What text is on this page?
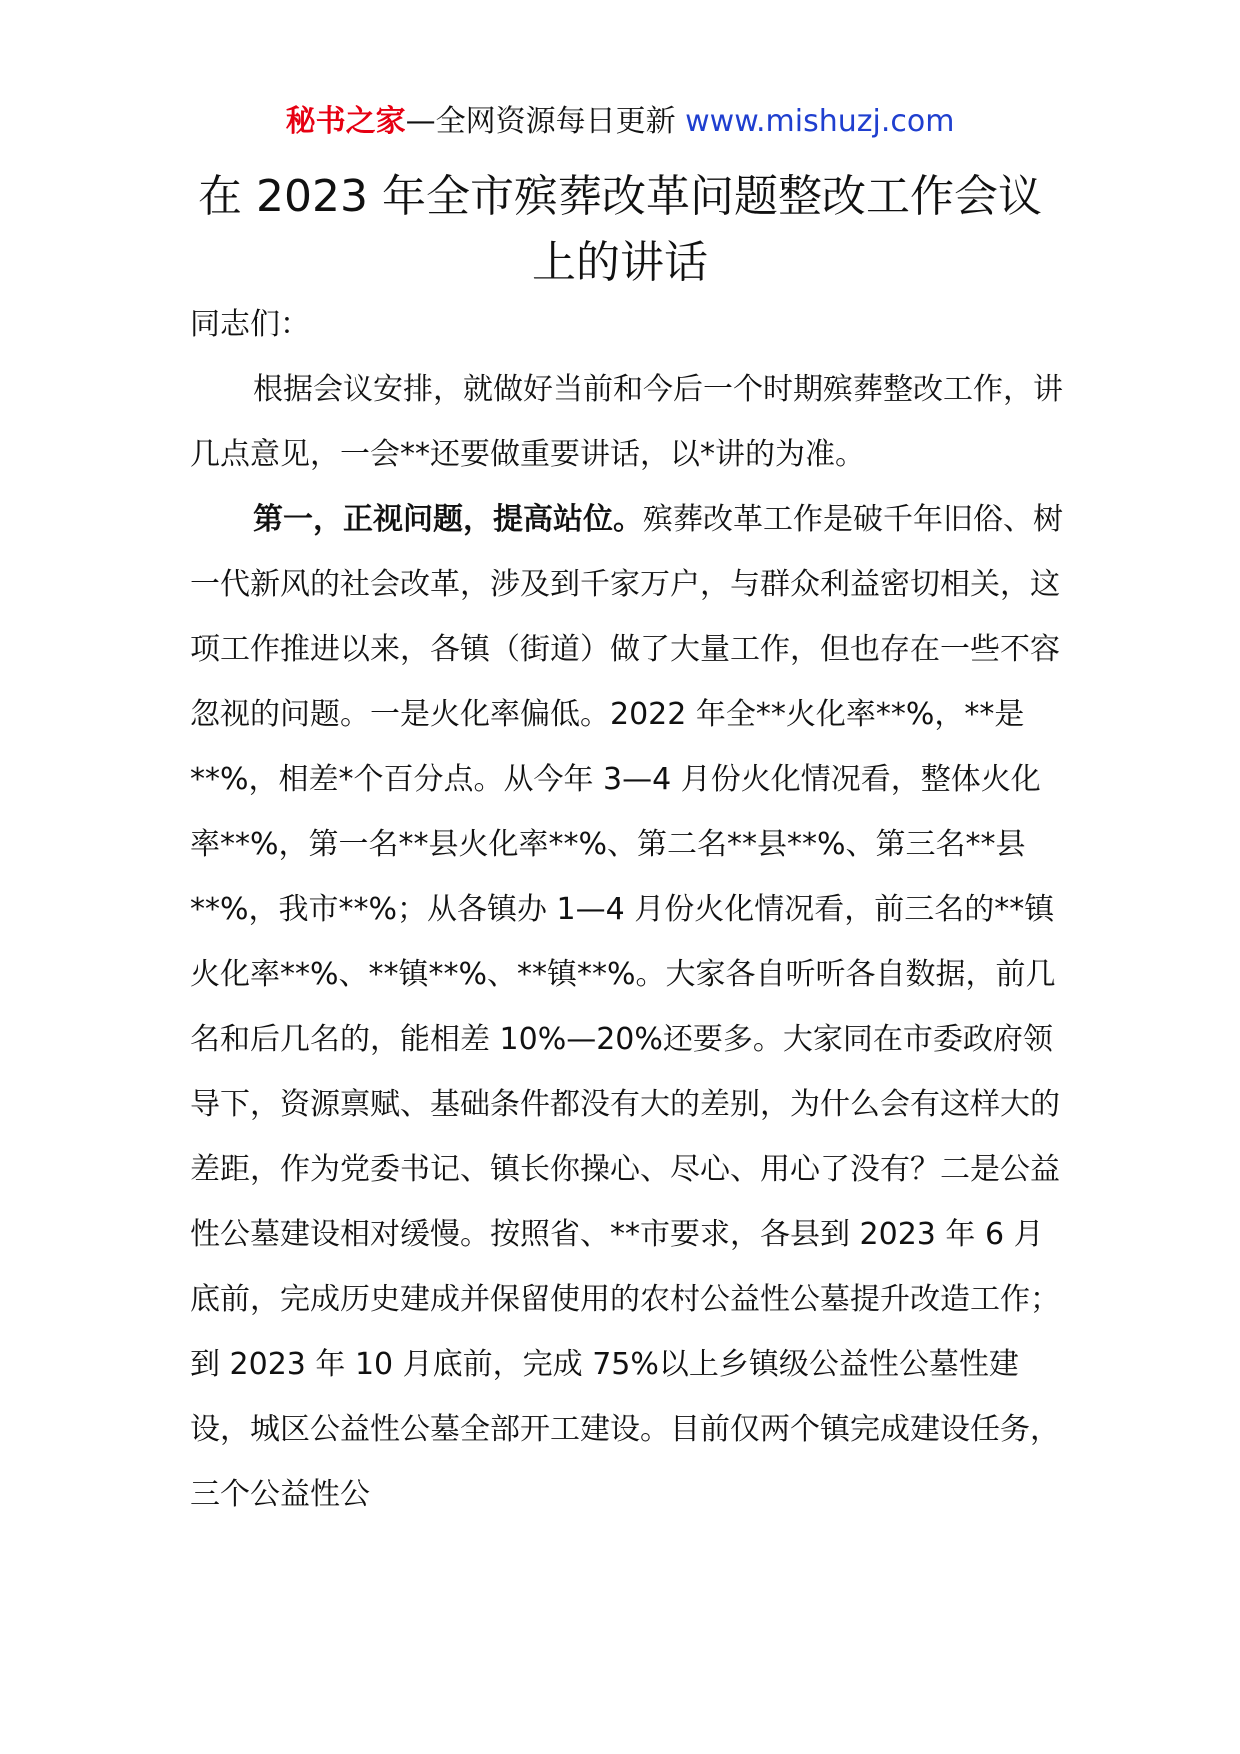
秘书之家—全网资源每日更新 www.mishuzj.com
在 2023 年全市殡葬改革问题整改工作会议上的讲话

同志们：

根据会议安排，就做好当前和今后一个时期殡葬整改工作，讲几点意见，一会**还要做重要讲话，以*讲的为准。

第一，正视问题，提高站位。殡葬改革工作是破千年旧俗、树一代新风的社会改革，涉及到千家万户，与群众利益密切相关，这项工作推进以来，各镇（街道）做了大量工作，但也存在一些不容忽视的问题。一是火化率偏低。2022 年全**火化率**%，**是**%，相差*个百分点。从今年 3—4 月份火化情况看，整体火化率**%，第一名**县火化率**%、第二名**县**%、第三名**县**%，我市**%；从各镇办 1—4 月份火化情况看，前三名的**镇火化率**%、**镇**%、**镇**%。大家各自听听各自数据，前几名和后几名的，能相差 10%—20%还要多。大家同在市委政府领导下，资源禀赋、基础条件都没有大的差别，为什么会有这样大的差距，作为党委书记、镇长你操心、尽心、用心了没有？二是公益性公墓建设相对缓慢。按照省、**市要求，各县到 2023 年 6 月底前，完成历史建成并保留使用的农村公益性公墓提升改造工作；到 2023 年 10 月底前，完成 75%以上乡镇级公益性公墓性建设，城区公益性公墓全部开工建设。目前仅两个镇完成建设任务，三个公益性公
